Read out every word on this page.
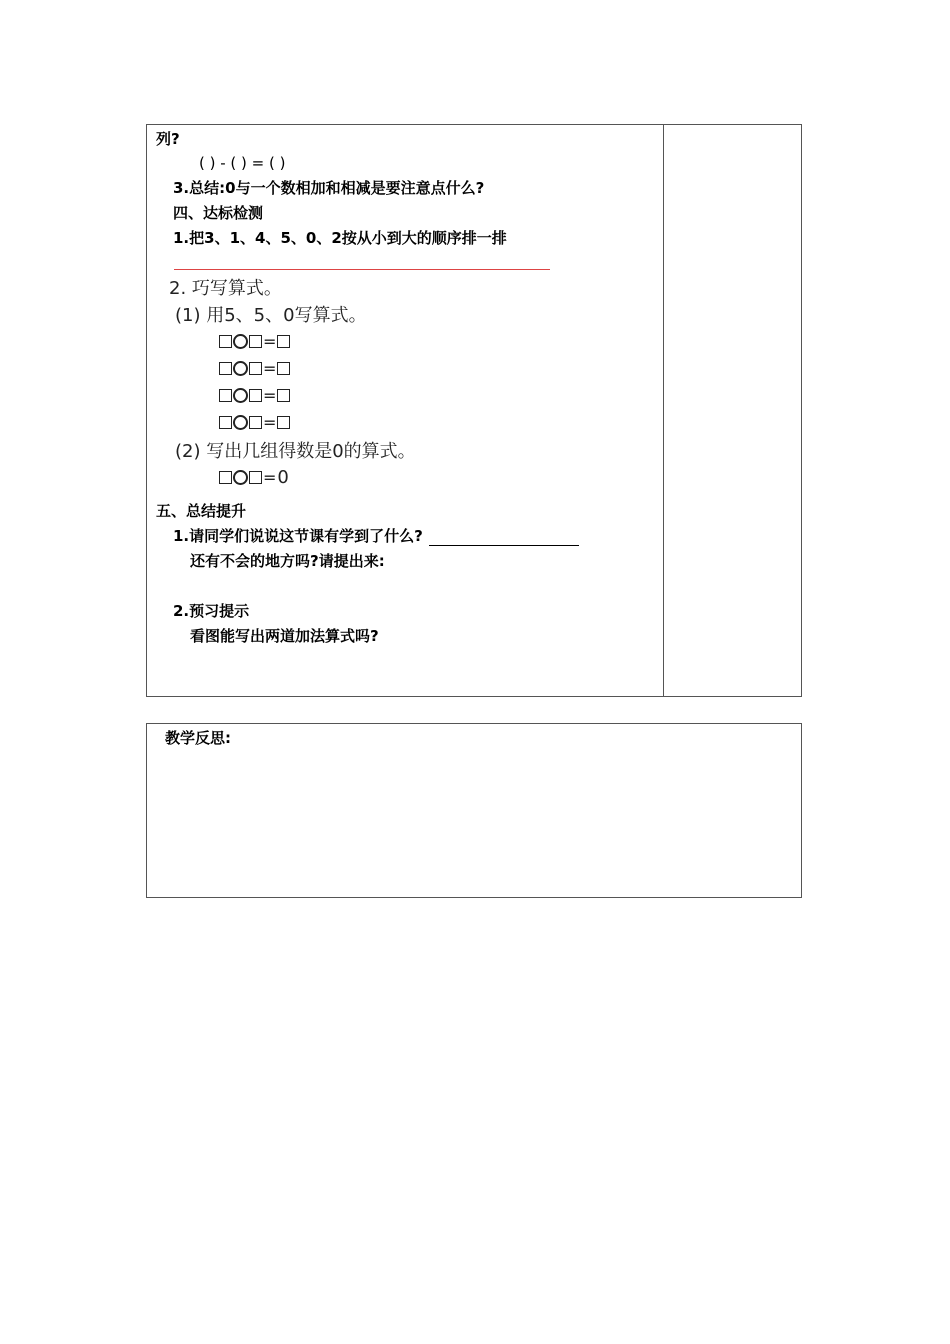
列?
( ) - ( ) = ( )
3.总结:0与一个数相加和相减是要注意点什么?
四、达标检测
1.把3、1、4、5、0、2按从小到大的顺序排一排
2. 巧写算式。
(1) 用5、5、0写算式。
=
=
=
=
(2) 写出几组得数是0的算式。
=0
五、总结提升
1.请同学们说说这节课有学到了什么?
还有不会的地方吗?请提出来:
2.预习提示
看图能写出两道加法算式吗?
教学反思:
